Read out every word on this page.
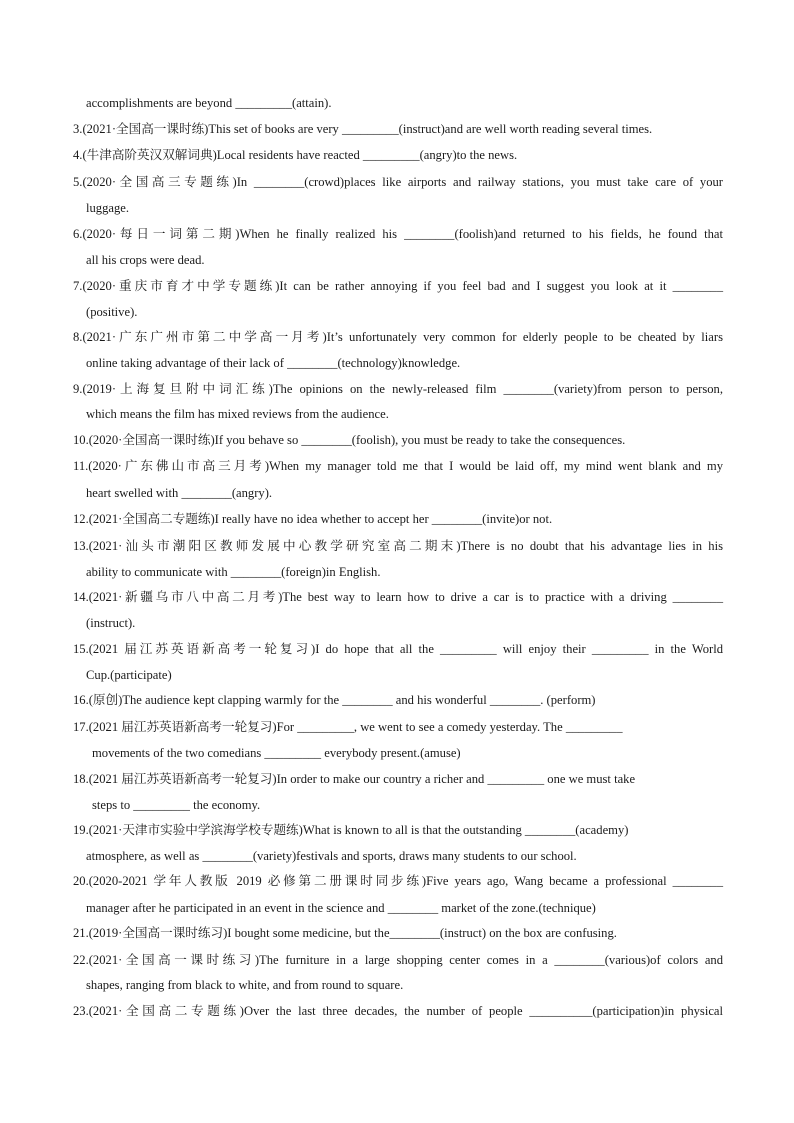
accomplishments are beyond _________(attain).
3.(2021·全国高一课时练)This set of books are very _________(instruct)and are well worth reading several times.
4.(牛津高阶英汉双解词典)Local residents have reacted _________(angry)to the news.
5.(2020·全国高三专题练)In ________(crowd)places like airports and railway stations, you must take care of your
luggage.
6.(2020·每日一词第二期)When he finally realized his ________(foolish)and returned to his fields, he found that
all his crops were dead.
7.(2020·重庆市育才中学专题练)It can be rather annoying if you feel bad and I suggest you look at it ________
(positive).
8.(2021·广东广州市第二中学高一月考)It’s unfortunately very common for elderly people to be cheated by liars
online taking advantage of their lack of ________(technology)knowledge.
9.(2019·上海复旦附中词汇练)The opinions on the newly-released film ________(variety)from person to person,
which means the film has mixed reviews from the audience.
10.(2020·全国高一课时练)If you behave so ________(foolish), you must be ready to take the consequences.
11.(2020·广东佛山市高三月考)When my manager told me that I would be laid off, my mind went blank and my
heart swelled with ________(angry).
12.(2021·全国高二专题练)I really have no idea whether to accept her ________(invite)or not.
13.(2021·汕头市潮阳区教师发展中心教学研究室高二期末)There is no doubt that his advantage lies in his
ability to communicate with ________(foreign)in English.
14.(2021·新疆乌市八中高二月考)The best way to learn how to drive a car is to practice with a driving ________
(instruct).
15.(2021 届江苏英语新高考一轮复习)I do hope that all the _________ will enjoy their _________ in the World
Cup.(participate)
16.(原创)The audience kept clapping warmly for the ________ and his wonderful ________. (perform)
17.(2021 届江苏英语新高考一轮复习)For _________, we went to see a comedy yesterday. The _________
movements of the two comedians _________ everybody present.(amuse)
18.(2021 届江苏英语新高考一轮复习)In order to make our country a richer and _________ one we must take
steps to _________ the economy.
19.(2021·天津市实验中学滨海学校专题练)What is known to all is that the outstanding ________(academy)
atmosphere, as well as ________(variety)festivals and sports, draws many students to our school.
20.(2020-2021 学年人教版 2019 必修第二册课时同步练)Five years ago, Wang became a professional ________
manager after he participated in an event in the science and ________ market of the zone.(technique)
21.(2019·全国高一课时练习)I bought some medicine, but the________(instruct) on the box are confusing.
22.(2021·全国高一课时练习)The furniture in a large shopping center comes in a ________(various)of colors and
shapes, ranging from black to white, and from round to square.
23.(2021·全国高二专题练)Over the last three decades, the number of people __________(participation)in physical
